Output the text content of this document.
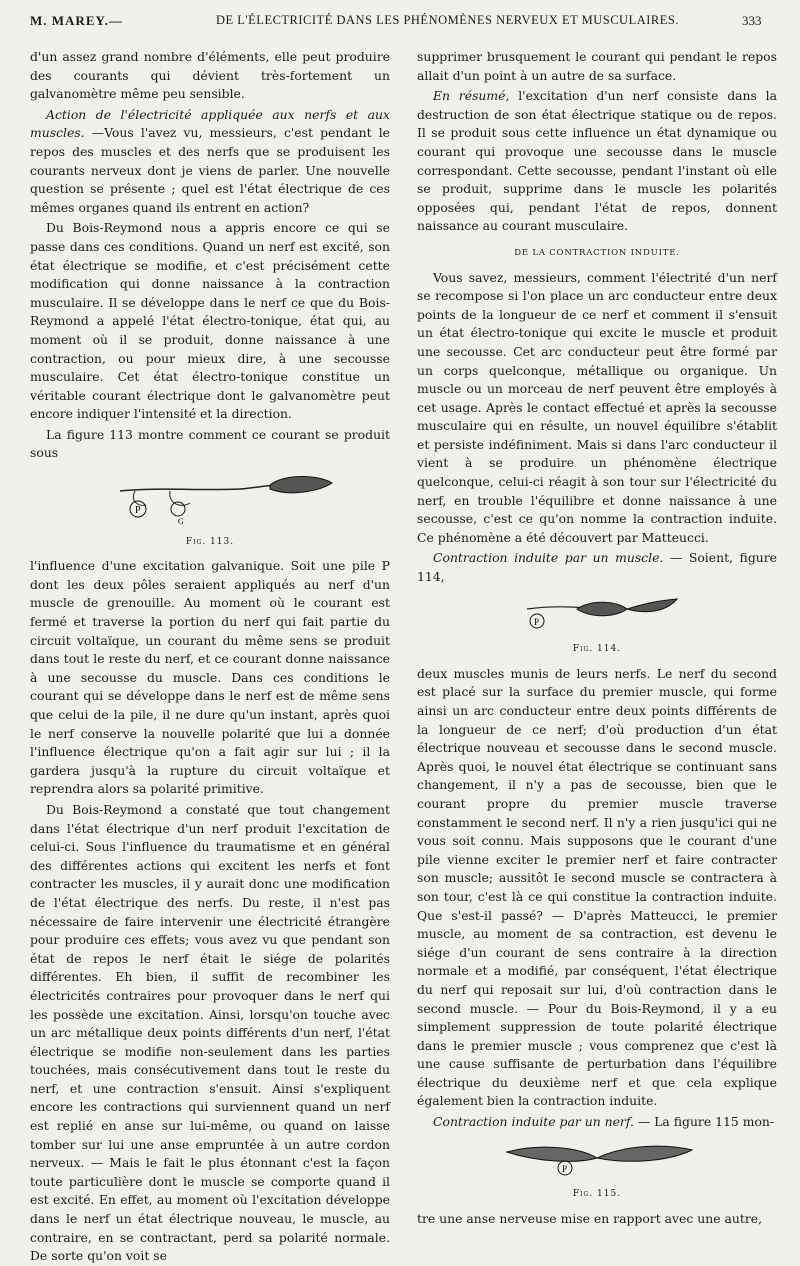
M. MAREY.—	DE L'ÉLECTRICITÉ DANS LES PHÉNOMÈNES NERVEUX ET MUSCULAIRES.	333

d'un assez grand nombre d'éléments, elle peut produire des courants qui dévient très-fortement un galvanomètre même peu sensible.

Action de l'électricité appliquée aux nerfs et aux muscles. —Vous l'avez vu, messieurs, c'est pendant le repos des muscles et des nerfs que se produisent les courants nerveux dont je viens de parler. Une nouvelle question se présente ; quel est l'état électrique de ces mêmes organes quand ils entrent en action?

Du Bois-Reymond nous a appris encore ce qui se passe dans ces conditions. Quand un nerf est excité, son état électrique se modifie, et c'est précisément cette modification qui donne naissance à la contraction musculaire. Il se développe dans le nerf ce que du Bois-Reymond a appelé l'état électro-tonique, état qui, au moment où il se produit, donne naissance à une contraction, ou pour mieux dire, à une secousse musculaire. Cet état électro-tonique constitue un véritable courant électrique dont le galvanomètre peut encore indiquer l'intensité et la direction.

La figure 113 montre comment ce courant se produit sous

P
G
Fig. 113.

l'influence d'une excitation galvanique. Soit une pile P dont les deux pôles seraient appliqués au nerf d'un muscle de grenouille. Au moment où le courant est fermé et traverse la portion du nerf qui fait partie du circuit voltaïque, un courant du même sens se produit dans tout le reste du nerf, et ce courant donne naissance à une secousse du muscle. Dans ces conditions le courant qui se développe dans le nerf est de même sens que celui de la pile, il ne dure qu'un instant, après quoi le nerf conserve la nouvelle polarité que lui a donnée l'influence électrique qu'on a fait agir sur lui ; il la gardera jusqu'à la rupture du circuit voltaïque et reprendra alors sa polarité primitive.

Du Bois-Reymond a constaté que tout changement dans l'état électrique d'un nerf produit l'excitation de celui-ci. Sous l'influence du traumatisme et en général des différentes actions qui excitent les nerfs et font contracter les muscles, il y aurait donc une modification de l'état électrique des nerfs. Du reste, il n'est pas nécessaire de faire intervenir une électricité étrangère pour produire ces effets; vous avez vu que pendant son état de repos le nerf était le siége de polarités différentes. Eh bien, il suffit de recombiner les électricités contraires pour provoquer dans le nerf qui les possède une excitation. Ainsi, lorsqu'on touche avec un arc métallique deux points différents d'un nerf, l'état électrique se modifie non-seulement dans les parties touchées, mais consécutivement dans tout le reste du nerf, et une contraction s'ensuit. Ainsi s'expliquent encore les contractions qui surviennent quand un nerf est replié en anse sur lui-même, ou quand on laisse tomber sur lui une anse empruntée à un autre cordon nerveux. — Mais le fait le plus étonnant c'est la façon toute particulière dont le muscle se comporte quand il est excité. En effet, au moment où l'excitation développe dans le nerf un état électrique nouveau, le muscle, au contraire, en se contractant, perd sa polarité normale. De sorte qu'on voit se

supprimer brusquement le courant qui pendant le repos allait d'un point à un autre de sa surface.

En résumé, l'excitation d'un nerf consiste dans la destruction de son état électrique statique ou de repos. Il se produit sous cette influence un état dynamique ou courant qui provoque une secousse dans le muscle correspondant. Cette secousse, pendant l'instant où elle se produit, supprime dans le muscle les polarités opposées qui, pendant l'état de repos, donnent naissance au courant musculaire.

DE LA CONTRACTION INDUITE.

Vous savez, messieurs, comment l'électrité d'un nerf se recompose si l'on place un arc conducteur entre deux points de la longueur de ce nerf et comment il s'ensuit un état électro-tonique qui excite le muscle et produit une secousse. Cet arc conducteur peut être formé par un corps quelconque, métallique ou organique. Un muscle ou un morceau de nerf peuvent être employés à cet usage. Après le contact effectué et après la secousse musculaire qui en résulte, un nouvel équilibre s'établit et persiste indéfiniment. Mais si dans l'arc conducteur il vient à se produire un phénomène électrique quelconque, celui-ci réagit à son tour sur l'électricité du nerf, en trouble l'équilibre et donne naissance à une secousse, c'est ce qu'on nomme la contraction induite. Ce phénomène a été découvert par Matteucci.

Contraction induite par un muscle. — Soient, figure 114,

P
Fig. 114.

deux muscles munis de leurs nerfs. Le nerf du second est placé sur la surface du premier muscle, qui forme ainsi un arc conducteur entre deux points différents de la longueur de ce nerf; d'où production d'un état électrique nouveau et secousse dans le second muscle. Après quoi, le nouvel état électrique se continuant sans changement, il n'y a pas de secousse, bien que le courant propre du premier muscle traverse constamment le second nerf. Il n'y a rien jusqu'ici qui ne vous soit connu. Mais supposons que le courant d'une pile vienne exciter le premier nerf et faire contracter son muscle; aussitôt le second muscle se contractera à son tour, c'est là ce qui constitue la contraction induite. Que s'est-il passé? — D'après Matteucci, le premier muscle, au moment de sa contraction, est devenu le siége d'un courant de sens contraire à la direction normale et a modifié, par conséquent, l'état électrique du nerf qui reposait sur lui, d'où contraction dans le second muscle. — Pour du Bois-Reymond, il y a eu simplement suppression de toute polarité électrique dans le premier muscle ; vous comprenez que c'est là une cause suffisante de perturbation dans l'équilibre électrique du deuxième nerf et que cela explique également bien la contraction induite.

Contraction induite par un nerf. — La figure 115 mon-

P
Fig. 115.

tre une anse nerveuse mise en rapport avec une autre,
